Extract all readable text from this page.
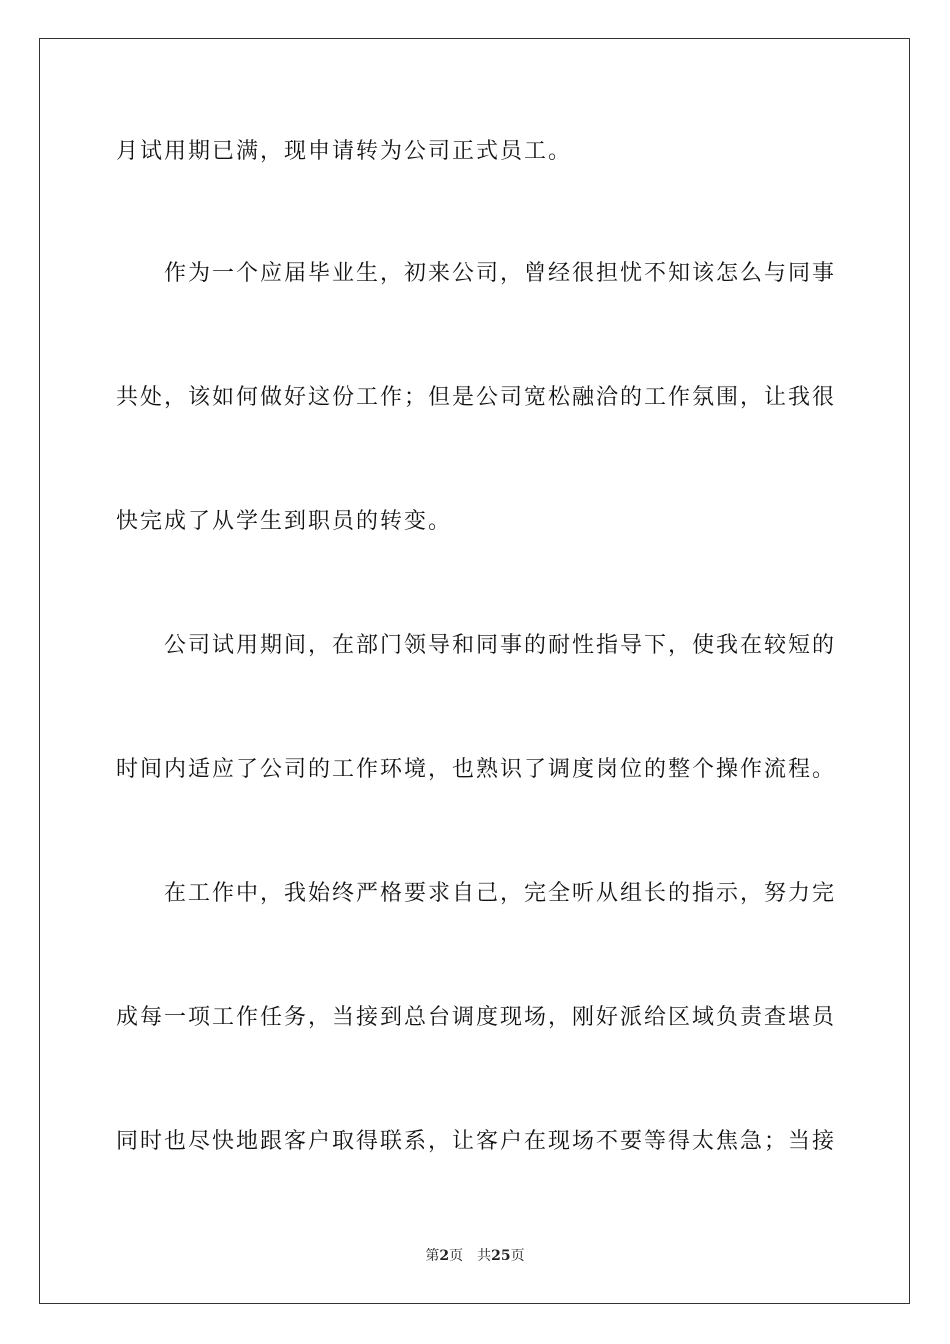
月试用期已满，现申请转为公司正式员工。
作为一个应届毕业生，初来公司，曾经很担忧不知该怎么与同事
共处，该如何做好这份工作；但是公司宽松融洽的工作氛围，让我很
快完成了从学生到职员的转变。
公司试用期间，在部门领导和同事的耐性指导下，使我在较短的
时间内适应了公司的工作环境，也熟识了调度岗位的整个操作流程。
在工作中，我始终严格要求自己，完全听从组长的指示，努力完
成每一项工作任务，当接到总台调度现场，刚好派给区域负责查堪员
同时也尽快地跟客户取得联系，让客户在现场不要等得太焦急；当接
第2页 共25页
